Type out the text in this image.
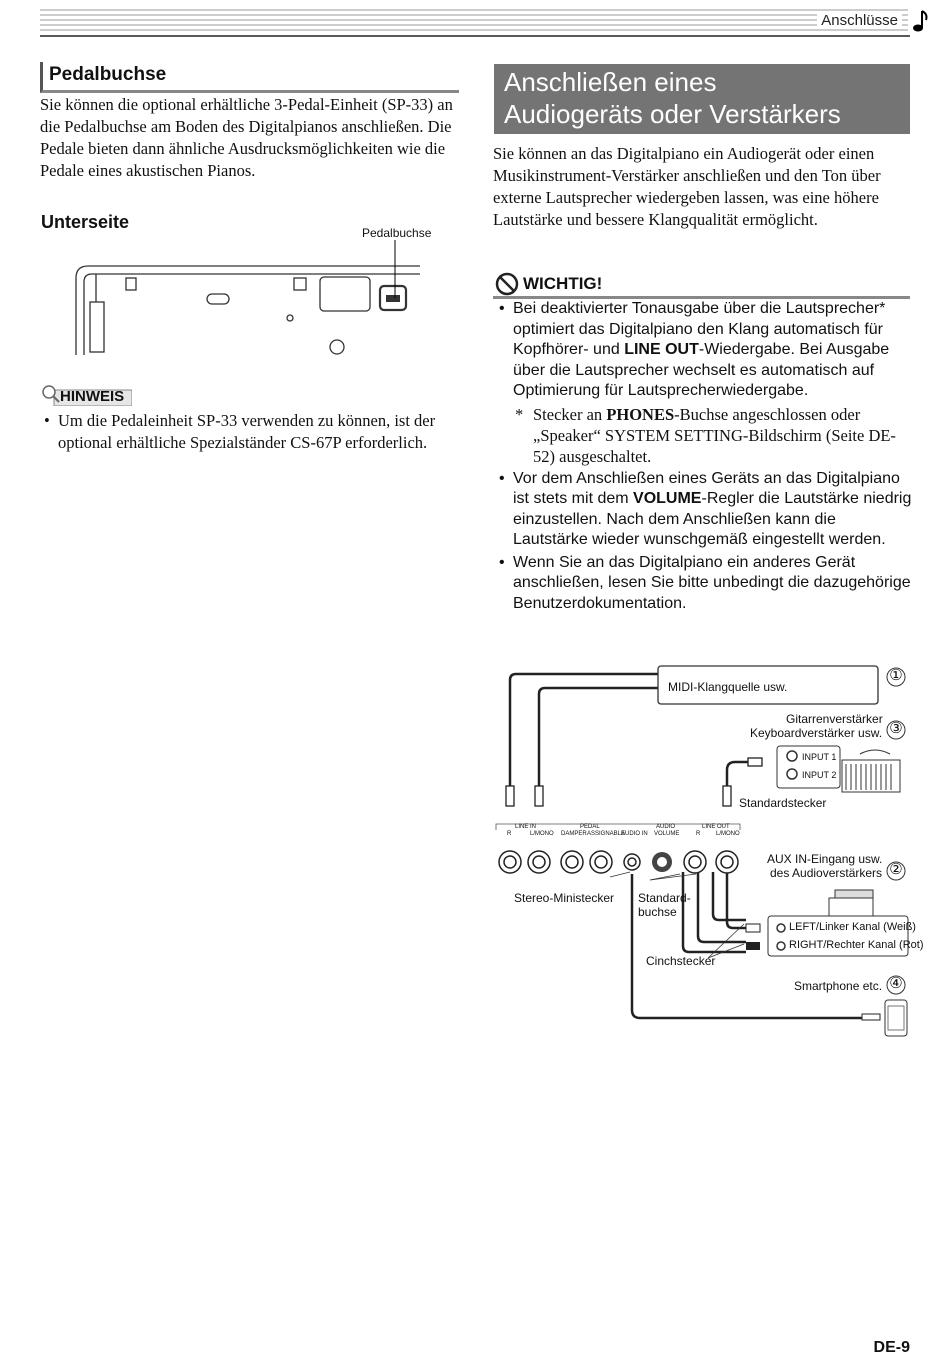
Anschlüsse
Pedalbuchse
Sie können die optional erhältliche 3-Pedal-Einheit (SP-33) an die Pedalbuchse am Boden des Digitalpianos anschließen. Die Pedale bieten dann ähnliche Ausdrucksmöglichkeiten wie die Pedale eines akustischen Pianos.
Unterseite
Pedalbuchse
HINWEIS
• Um die Pedaleinheit SP-33 verwenden zu können, ist der optional erhältliche Spezialständer CS-67P erforderlich.
Anschließen eines
Audiogeräts oder Verstärkers
Sie können an das Digitalpiano ein Audiogerät oder einen Musikinstrument-Verstärker anschließen und den Ton über externe Lautsprecher wiedergeben lassen, was eine höhere Lautstärke und bessere Klangqualität ermöglicht.
WICHTIG!
• Bei deaktivierter Tonausgabe über die Lautsprecher* optimiert das Digitalpiano den Klang automatisch für Kopfhörer- und LINE OUT-Wiedergabe. Bei Ausgabe über die Lautsprecher wechselt es automatisch auf Optimierung für Lautsprecherwiedergabe.
* Stecker an PHONES-Buchse angeschlossen oder „Speaker“ SYSTEM SETTING-Bildschirm (Seite DE-52) ausgeschaltet.
• Vor dem Anschließen eines Geräts an das Digitalpiano ist stets mit dem VOLUME-Regler die Lautstärke niedrig einzustellen. Nach dem Anschließen kann die Lautstärke wieder wunschgemäß eingestellt werden.
• Wenn Sie an das Digitalpiano ein anderes Gerät anschließen, lesen Sie bitte unbedingt die dazugehörige Benutzerdokumentation.
MIDI-Klangquelle usw.
Gitarrenverstärker
Keyboardverstärker usw.
INPUT 1
INPUT 2
Standardstecker
AUX IN-Eingang usw.
des Audioverstärkers
Stereo-Ministecker Standard-
buchse
LEFT/Linker Kanal (Weiß)
RIGHT/Rechter Kanal (Rot)
Cinchstecker
Smartphone etc.
①
②
③
④
LINE IN
R	L/MONO
PEDAL
DAMPER ASSIGNABLE
AUDIO IN
AUDIO
VOLUME
LINE OUT
R	L/MONO
DE-9
